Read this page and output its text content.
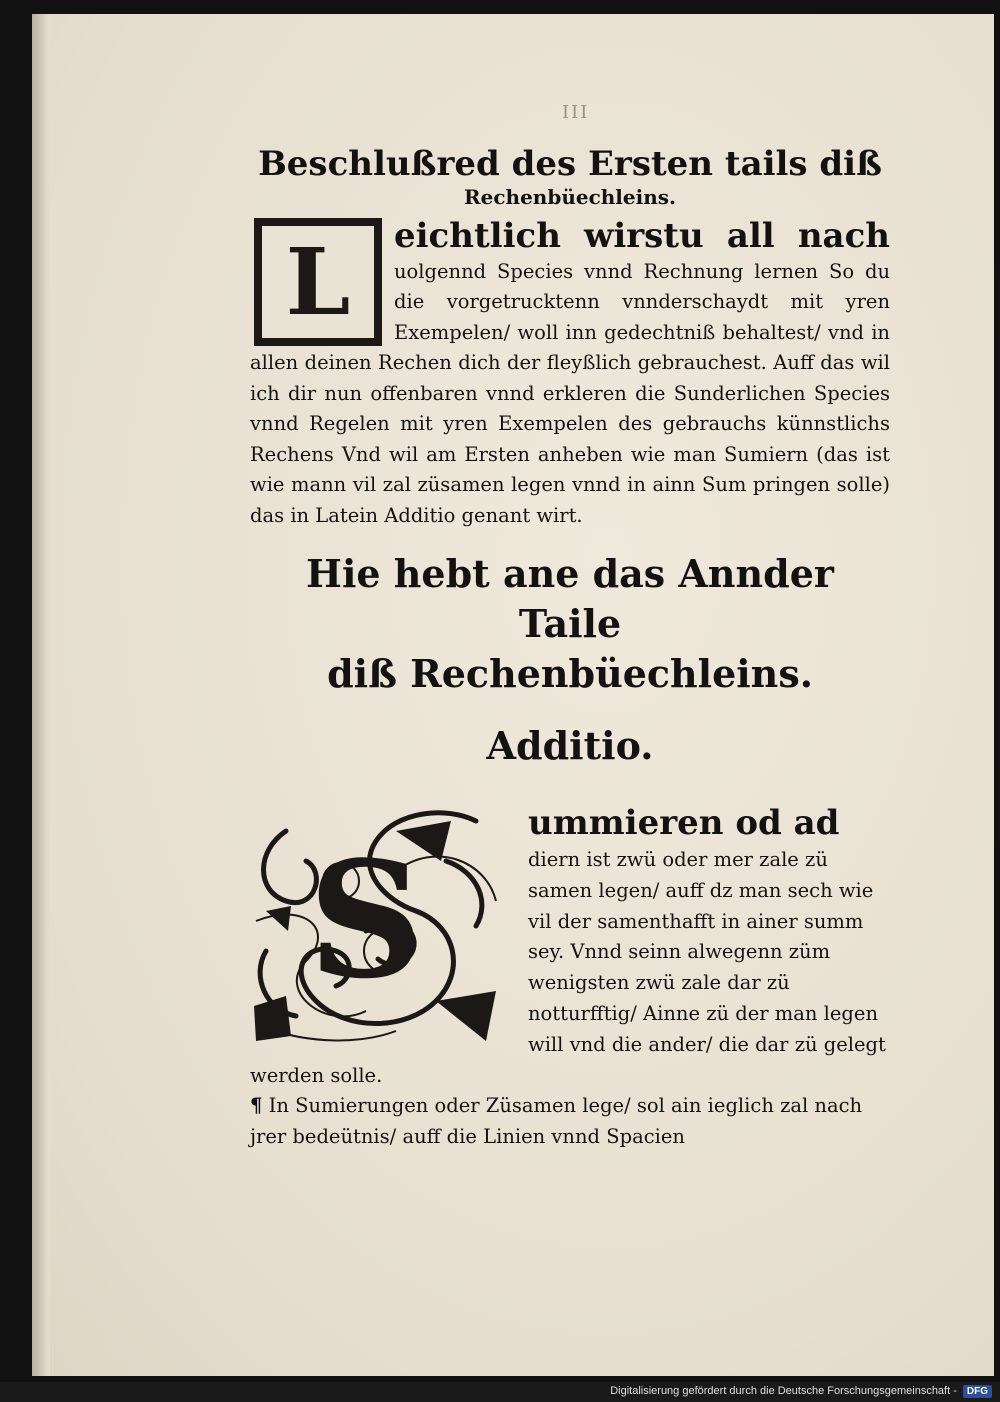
III

Beschlußred des Ersten tails diß

Rechenbüechleins.

L eichtlich wirstu all nach uolgennd Species vnnd Rechnung lernen So du die vorgetrucktenn vnnderschaydt mit yren Exempelen/ woll inn gedechtniß behaltest/ vnd in allen deinen Rechen dich der fleyßlich gebrauchest. Auff das wil ich dir nun offenbaren vnnd erkleren die Sunderlichen Species vnnd Regelen mit yren Exempelen des gebrauchs künnstlichs Rechens Vnd wil am Ersten anheben wie man Sumiern (das ist wie mann vil zal züsamen legen vnnd in ainn Sum pringen solle) das in Latein Additio genant wirt.

Hie hebt ane das Annder Taile

diß Rechenbüechleins.

Additio.

S
ummieren od ad diern ist zwü oder mer zale zü samen legen/ auff dz man sech wie vil der samenthafft in ainer summ sey. Vnnd seinn alwegenn züm wenigsten zwü zale dar zü notturfftig/ Ainne zü der man legen will vnd die ander/ die dar zü gelegt werden solle.
¶ In Sumierungen oder Züsamen lege/ sol ain ieglich zal nach jrer bedeütnis/ auff die Linien vnnd Spacien
Digitalisierung gefördert durch die Deutsche Forschungsgemeinschaft -	DFG
